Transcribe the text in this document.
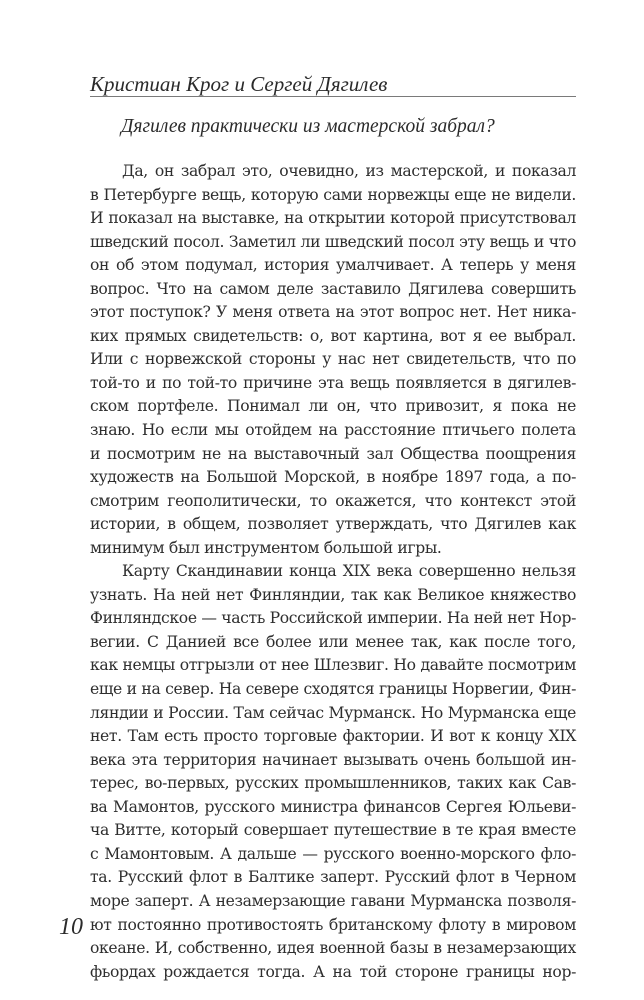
Кристиан Крог и Сергей Дягилев
Дягилев практически из мастерской забрал?
Да, он забрал это, очевидно, из мастерской, и показал
в Петербурге вещь, которую сами норвежцы еще не видели.
И показал на выставке, на открытии которой присутствовал
шведский посол. Заметил ли шведский посол эту вещь и что
он об этом подумал, история умалчивает. А теперь у меня
вопрос. Что на самом деле заставило Дягилева совершить
этот поступок? У меня ответа на этот вопрос нет. Нет ника-
ких прямых свидетельств: о, вот картина, вот я ее выбрал.
Или с норвежской стороны у нас нет свидетельств, что по
той-то и по той-то причине эта вещь появляется в дягилев-
ском портфеле. Понимал ли он, что привозит, я пока не
знаю. Но если мы отойдем на расстояние птичьего полета
и посмотрим не на выставочный зал Общества поощрения
художеств на Большой Морской, в ноябре 1897 года, а по-
смотрим геополитически, то окажется, что контекст этой
истории, в общем, позволяет утверждать, что Дягилев как
минимум был инструментом большой игры.
Карту Скандинавии конца XIX века совершенно нельзя
узнать. На ней нет Финляндии, так как Великое княжество
Финляндское — часть Российской империи. На ней нет Нор-
вегии. С Данией все более или менее так, как после того,
как немцы отгрызли от нее Шлезвиг. Но давайте посмотрим
еще и на север. На севере сходятся границы Норвегии, Фин-
ляндии и России. Там сейчас Мурманск. Но Мурманска еще
нет. Там есть просто торговые фактории. И вот к концу XIX
века эта территория начинает вызывать очень большой ин-
терес, во-первых, русских промышленников, таких как Сав-
ва Мамонтов, русского министра финансов Сергея Юльеви-
ча Витте, который совершает путешествие в те края вместе
с Мамонтовым. А дальше — русского военно-морского фло-
та. Русский флот в Балтике заперт. Русский флот в Черном
море заперт. А незамерзающие гавани Мурманска позволя-
ют постоянно противостоять британскому флоту в мировом
океане. И, собственно, идея военной базы в незамерзающих
фьордах рождается тогда. А на той стороне границы нор-
10
